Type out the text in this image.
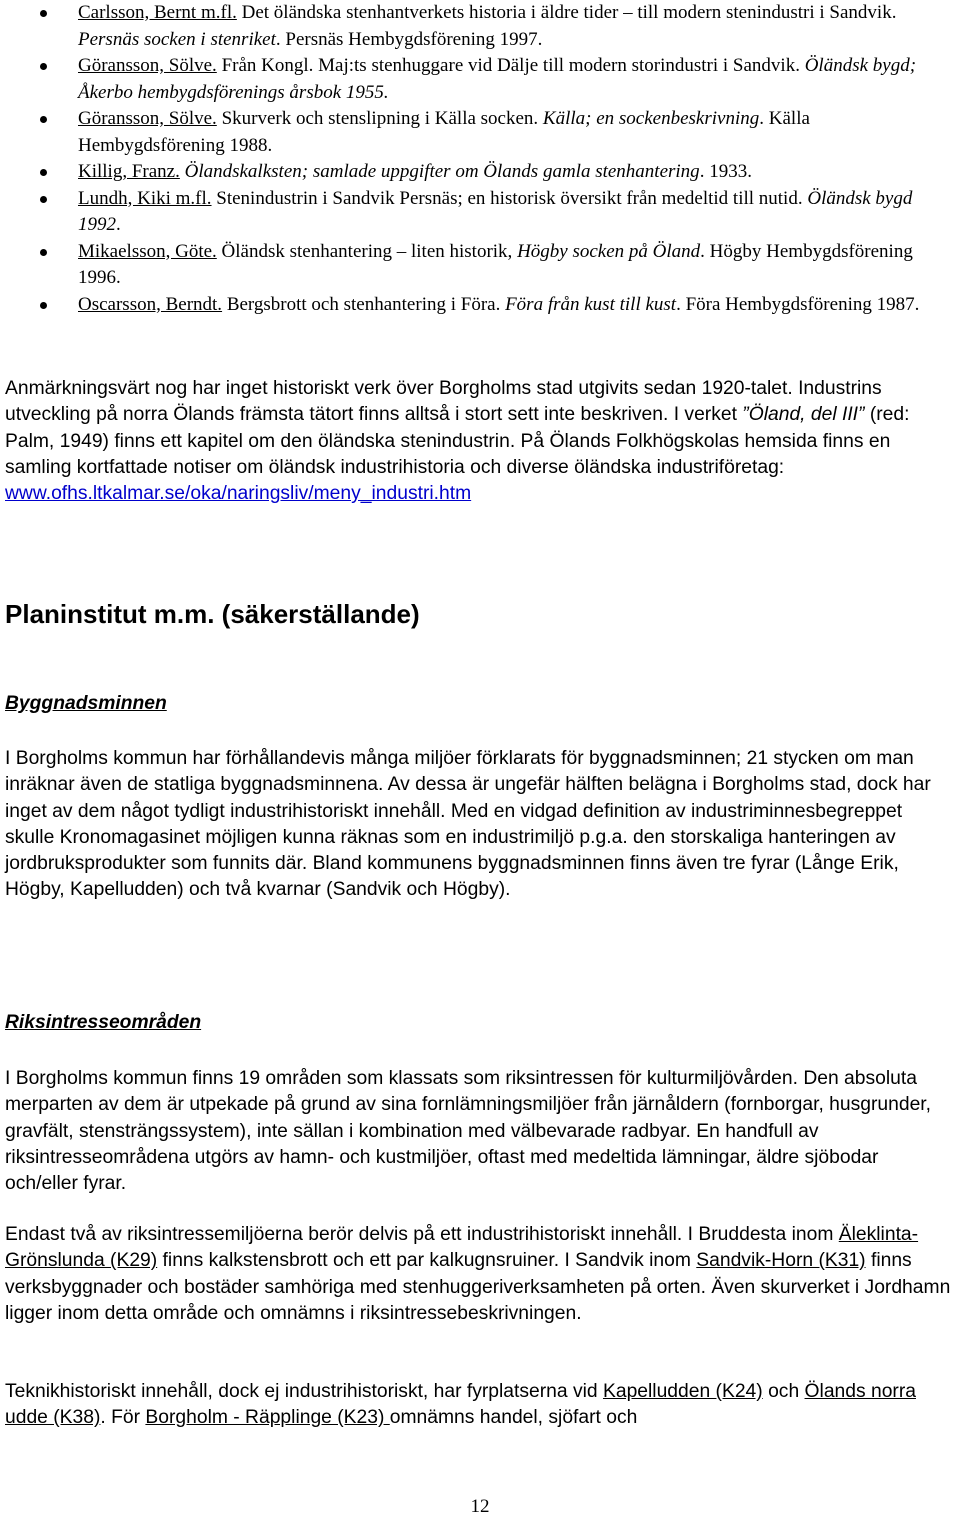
Carlsson, Bernt m.fl. Det öländska stenhantverkets historia i äldre tider – till modern stenindustri i Sandvik. Persnäs socken i stenriket. Persnäs Hembygdsförening 1997.
Göransson, Sölve. Från Kongl. Maj:ts stenhuggare vid Dälje till modern storindustri i Sandvik. Öländsk bygd; Åkerbo hembygdsförenings årsbok 1955.
Göransson, Sölve. Skurverk och stenslipning i Källa socken. Källa; en sockenbeskrivning. Källa Hembygdsförening 1988.
Killig, Franz. Ölandskalksten; samlade uppgifter om Ölands gamla stenhantering. 1933.
Lundh, Kiki m.fl. Stenindustrin i Sandvik Persnäs; en historisk översikt från medeltid till nutid. Öländsk bygd 1992.
Mikaelsson, Göte. Öländsk stenhantering – liten historik, Högby socken på Öland. Högby Hembygdsförening 1996.
Oscarsson, Berndt. Bergsbrott och stenhantering i Föra. Föra från kust till kust. Föra Hembygdsförening 1987.

Anmärkningsvärt nog har inget historiskt verk över Borgholms stad utgivits sedan 1920-talet. Industrins utveckling på norra Ölands främsta tätort finns alltså i stort sett inte beskriven. I verket ”Öland, del III” (red: Palm, 1949) finns ett kapitel om den öländska stenindustrin. På Ölands Folkhögskolas hemsida finns en samling kortfattade notiser om öländsk industrihistoria och diverse öländska industriföretag: www.ofhs.ltkalmar.se/oka/naringsliv/meny_industri.htm

Planinstitut m.m. (säkerställande)
Byggnadsminnen

I Borgholms kommun har förhållandevis många miljöer förklarats för byggnadsminnen; 21 stycken om man inräknar även de statliga byggnadsminnena. Av dessa är ungefär hälften belägna i Borgholms stad, dock har inget av dem något tydligt industrihistoriskt innehåll. Med en vidgad definition av industriminnesbegreppet skulle Kronomagasinet möjligen kunna räknas som en industrimiljö p.g.a. den storskaliga hanteringen av jordbruksprodukter som funnits där. Bland kommunens byggnadsminnen finns även tre fyrar (Långe Erik, Högby, Kapelludden) och två kvarnar (Sandvik och Högby).

Riksintresseområden

I Borgholms kommun finns 19 områden som klassats som riksintressen för kulturmiljövården. Den absoluta merparten av dem är utpekade på grund av sina fornlämningsmiljöer från järnåldern (fornborgar, husgrunder, gravfält, stensträngssystem), inte sällan i kombination med välbevarade radbyar. En handfull av riksintresseområdena utgörs av hamn- och kustmiljöer, oftast med medeltida lämningar, äldre sjöbodar och/eller fyrar.

Endast två av riksintressemiljöerna berör delvis på ett industrihistoriskt innehåll. I Bruddesta inom Äleklinta-Grönslunda (K29) finns kalkstensbrott och ett par kalkugnsruiner. I Sandvik inom Sandvik-Horn (K31) finns verksbyggnader och bostäder samhöriga med stenhuggeriverksamheten på orten. Även skurverket i Jordhamn ligger inom detta område och omnämns i riksintressebeskrivningen.

Teknikhistoriskt innehåll, dock ej industrihistoriskt, har fyrplatserna vid Kapelludden (K24) och Ölands norra udde (K38). För Borgholm - Räpplinge (K23) omnämns handel, sjöfart och

12
